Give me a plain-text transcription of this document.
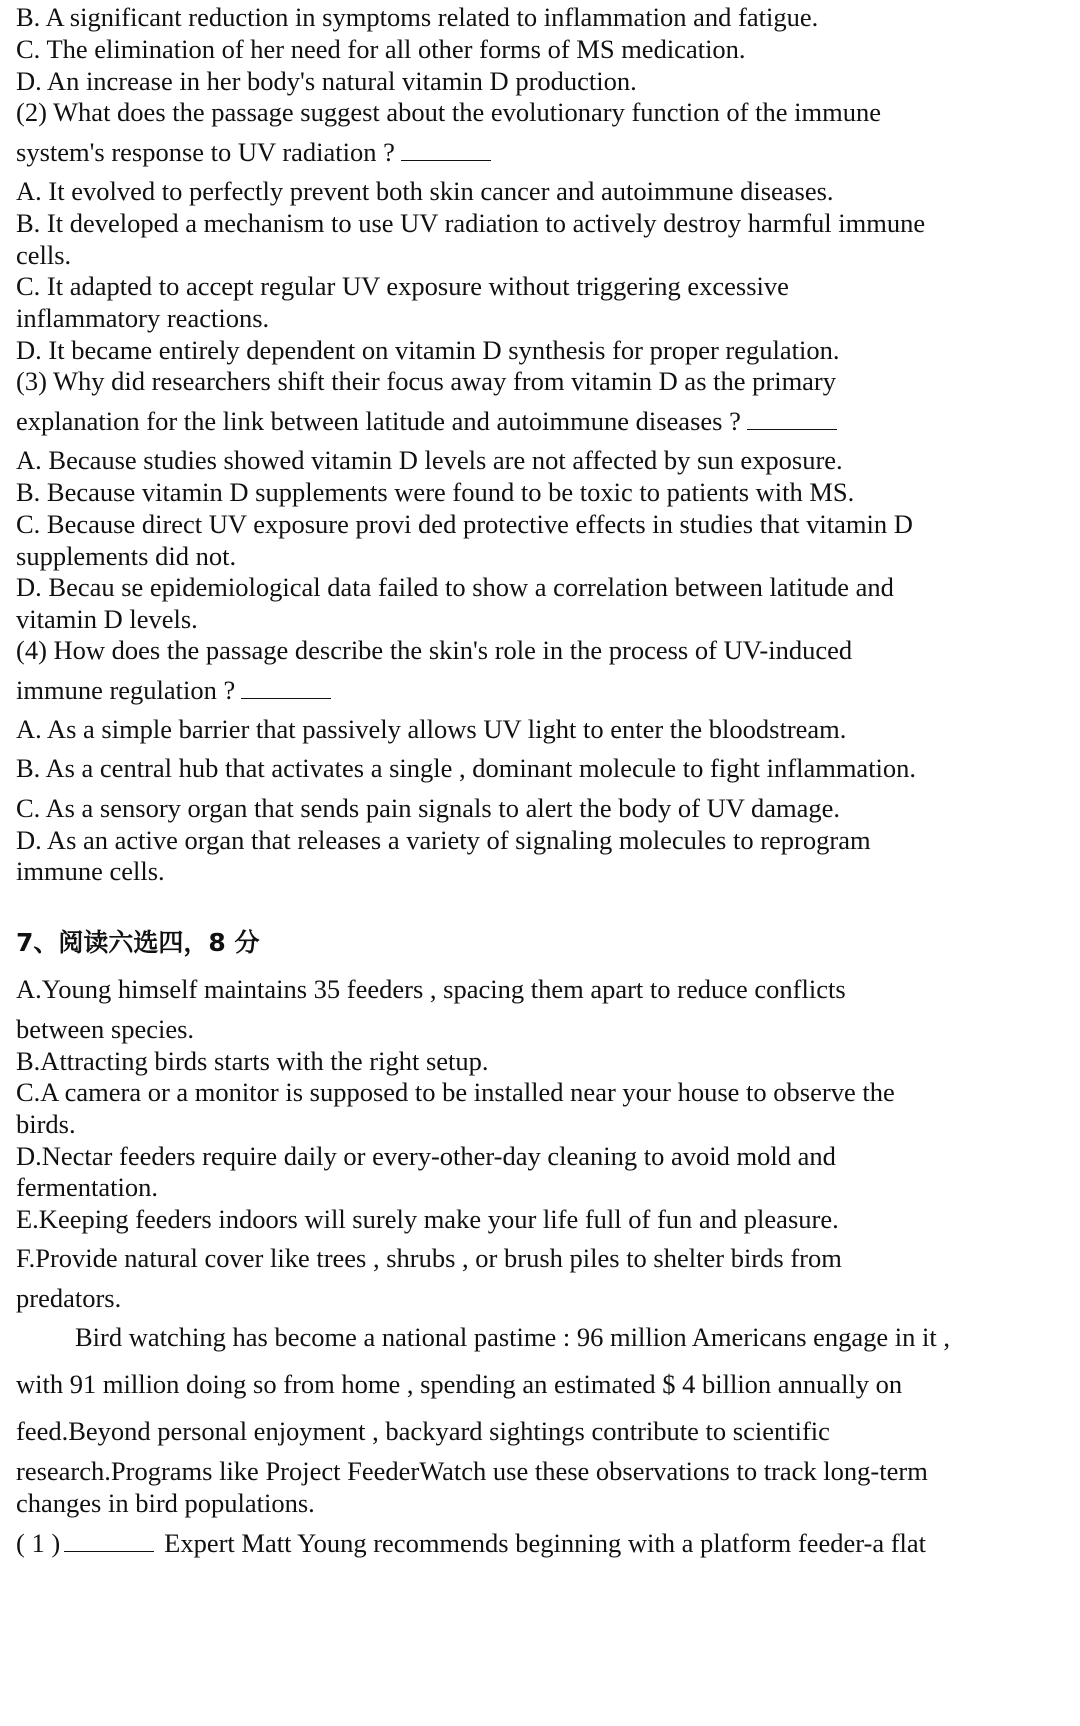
B. A significant reduction in symptoms related to inflammation and fatigue.
C. The elimination of her need for all other forms of MS medication.
D. An increase in her body's natural vitamin D production.
(2) What does the passage suggest about the evolutionary function of the immune
system's response to UV radiation ?
A. It evolved to perfectly prevent both skin cancer and autoimmune diseases.
B. It developed a mechanism to use UV radiation to actively destroy harmful immune
cells.
C. It adapted to accept regular UV exposure without triggering excessive
inflammatory reactions.
D. It became entirely dependent on vitamin D synthesis for proper regulation.
(3) Why did researchers shift their focus away from vitamin D as the primary
explanation for the link between latitude and autoimmune diseases ?
A. Because studies showed vitamin D levels are not affected by sun exposure.
B. Because vitamin D supplements were found to be toxic to patients with MS.
C. Because direct UV exposure provi ded protective effects in studies that vitamin D
supplements did not.
D. Becau se epidemiological data failed to show a correlation between latitude and
vitamin D levels.
(4) How does the passage describe the skin's role in the process of UV-induced
immune regulation ?
A. As a simple barrier that passively allows UV light to enter the bloodstream.
B. As a central hub that activates a single , dominant molecule to fight inflammation.
C. As a sensory organ that sends pain signals to alert the body of UV damage.
D. As an active organ that releases a variety of signaling molecules to reprogram
immune cells.
7、阅读六选四，8 分
A.Young himself maintains 35 feeders , spacing them apart to reduce conflicts
between species.
B.Attracting birds starts with the right setup.
C.A camera or a monitor is supposed to be installed near your house to observe the
birds.
D.Nectar feeders require daily or every-other-day cleaning to avoid mold and
fermentation.
E.Keeping feeders indoors will surely make your life full of fun and pleasure.
F.Provide natural cover like trees , shrubs , or brush piles to shelter birds from
predators.
Bird watching has become a national pastime : 96 million Americans engage in it ,
with 91 million doing so from home , spending an estimated $ 4 billion annually on
feed.Beyond personal enjoyment , backyard sightings contribute to scientific
research.Programs like Project FeederWatch use these observations to track long-term
changes in bird populations.
( 1 )	Expert Matt Young recommends beginning with a platform feeder-a flat
